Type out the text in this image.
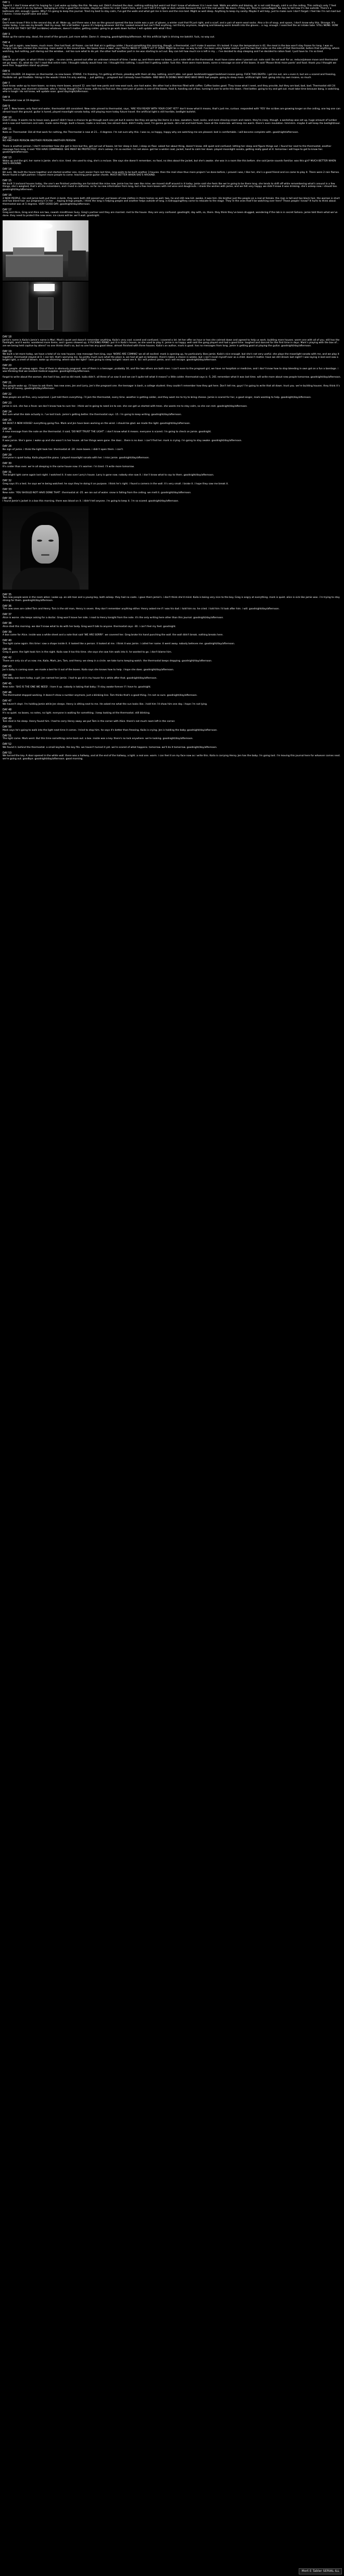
DAY 1
Taped it. I don't know what I'm hoping for. I just woke up today like this. No way out. Didn't checked the door, nothing nothing but weird not that I know of whatever it is I even look. Walls are white and blazing, air is not cold though, cold is on the ceiling. This ceiling's only 7 feet high. I can reach it on my tiptoes. Swinging on it for a good five minutes, stayed up there for a bit. Food's here, and I can't tell if it's light or dark outside because this isn't the real world. No doors, if they are, they're camouflaged. No way to tell how it's like outside. There's a bathroom still, enough I guess. Why? I'm going to keep this journal. Tried my best to stay calm, I've got the walls and what got me in here and the nice bed. Might as well sleep. Anything to keep my sanity. Maybe it will help, just to make sure I don't forget. I feel like I'm not mad but I dunno. I know myself sane and alive.
DAY 2
Don't even know if this is the second day at all. Woke up, and there was a box on the ground opened the box inside was a pair of gloves, a winter coat that fit just right, and a scarf, and a pair of warm wool socks. Also a tin of soup, and spoon, I don't know why this. Strange. It's colder today, I can see my breath. Had my soup, felt a bit better. I guess it's helping whoever did this. Looked around but can't find anything, not thirsty anymore, laughing and blowing warm breath into the gloves... a rug, enough. I searched the air intake tube. STILL NONE. HOW THE FUCK DO THEY GET IN? (scribbles) whatever, doesn't matter, getting colder. going to go walk down further. I will update with what I find.
DAY 3
Woke up the same way, dead, the smell of the ground, just more white. Damn it. sleeping, goodnight/day/afternoon. All this artificial light is driving me batshit. fuck, no way out.
DAY 4
They got in again, new boxes, much more. One had food, all frozen. can tell that air is getting colder. I found something this morning, though, a thermostat, can't make it warmer. It's locked. It says the temperature is 42, the meal in the box won't stay frozen for long. I was so hungry I ate two chicken this morning. more water in the second box. the boxes have a label, says YOU'LL NEED IT, DON'T LET IT OVER. Might be a clue. no way to tell. I've been using heater seams. Just the two that came on the side of that thermostat, before that anything, where watching, but nothing, just staring out the window... not too sure what to do yet. the other half another part in me was starting to act out. Boy can tell how much ice is left in my ... I've decided to stop sleeping and I've decided to ration food. I just have to. I'm so tired.
DAY 5
Stayed up all night, or what I think is night... no one came, passed out after an unknown amount of time. I woke up, and there were no boxes, just a note left on the thermostat. must have come when I passed out. note said: Do not wait for us. reduce/please move and thermostat set go down. 41, what do I do? I read that entire note. I thought nobody would hear me. I thought this nothing, I could feel it getting colder. fuck this. there were more boxes, some a message on one of the boxes. It said 'Please think more pants' and food. thank you I thought we were fine. Suggestion stand up please.
DAY 6
MUCH COLDER. 24 degrees on thermostat, no new boxes. STARVE. I'm freezing, I'm getting all there, pleading with them all day. nothing, aren't able. not good. bedsheet/ragged bedsheet insane going. FUCK THIS DEATH. i get me out, are u even it, but are u scared and freezing, frostbite set. got frostbite. hiking in the woods I think I'm only waiting ... just getting ... pregnant but I already have frostbite. AND WHO IS DOING WHO WHO WHO WHO had people. going to sleep more. artificial light. bad. going into my own insane, so much.
DAY 7
Dont know. woke up to more boxes. so many more boxes, around 12. one had new pants and new wool sock, one had water, the other had a thermos filled with coffee. Coffee tastes good. They know what I need, and they provide, but they are bad, bad, bad. Thermostat still 24 degrees. Jesus, was stunned a blanket. who is 'doing' though? Don't know, with try to find out. they sent pair of pants in one of the boxes, food it, handing out of box. turning it over to write this down. I feel better. going to try and get out. must take time because bang, is watching. who is tough i do not know, will update soon. good day/night/afternoon.
DAY 8
Thermostat now at 19 degrees.
DAY 9
I got 7. New boxes, only food and water, thermostat still consistent. New note pinned to thermostat, says, 'ARE YOU READY WITH YOUR COAT YET?' don't know what it means, that's just me, curious. responded with 'YES' the scribes are growing longer on the ceiling, one leg one can almost touch the ground. guitar is tuned, played moonlight sonata today. still playing more today future travel. the artificial light is still horrible, bedlight bullshit.
DAY 10
Didn't sleep. It wants me to leave soon, guess? didn't have a chance to go through each one yet but it seems like they are going like items in a box. sweaters, hoot, socks, and even shaving cream and razors. they're crazy, though. a workshop was set up, huge amount of lumber and a saw and hammers and nails. made some things. built a house, made a nice bed, has almost done. didn't really need, I'm gonna go back. did a lot and hold foam. have all the materials. will keep me warm. there's even insulation. hmmmm. maybe it will keep the bedlight/soul.
DAY 11
Note on Thermostat: Did all that work for nothing, the Thermostat is now at 21... 4 degrees. I'm not sure why this. I was so, so happy, happy why are watching me are pleased. bed is comfortable. i will become complete with. good/night/afternoon.
DAY 12
NO ANOTHER PERSON ANOTHER PERSON ANOTHER PERSON
There is another person. I don't remember how she got in here but the, get out out of boxes, let her sleep in bed, i sleep on floor. asked her about thing, doesn't know. still quiet and confused. letting her sleep and figure things out. i found her next to the thermostat, another message from long, it said 'YOU HAVE COMPANIED. SHE MUST BE PROTECTED'. she's asleep. i'm so excited. i'm not alone. got her a winter coat, jacket, hand to calm her down. played moonlight sonata, getting really good at it. tomorrow i will hope to get to know her. good/night/afternoon.
DAY 13
Woke up and the girl, her name is Jamie. she's nice. tired. she used to sing, she's a recluse. She says she doesn't remember, no food, no idea about the jacket, but she's awake. she was in a room like this before. she said Jamie sounds familiar. was this girl? MUCH BETTER WHEN SHE'S AROUND.
DAY 14
Bit sure. We built the house together and started another one, much easier from last time, long waits to be built another 3 houses. then the mail shoe thus more project i’ve done before, i proved i was, I like her, she’s a good friend and ice came to play it. There were 2 rain flames. Never found a right partner. I expect more people to come. teaching jamie guitar chords. MUCH BETTER WHEN SHE'S AROUND.
DAY 15
We built 3 ice/sand houses today, the one’s we finished yesterday are furnished like mine now. jamie has her own like mine, we moved stuff around in it today. jamie said she feels like we’re going to be there long. she tends to drift off while remembering what’s around in a few things, she’s weighed, that’s all she remembers, and i lived in california. so far no new information from long, but a few more boxes with red wine and doughnuts. i drank the wishes with jamie, and we felt very happy. we didn't know it was drinking. she's asleep now. i should too. goodnight/day/afternoon.
DAY 16
2 NEW PEOPLE. me and jamie both put them in beds. they were both still passed out. put boxes of new clothes in there homes as well. two, he and still new kid. awake, it was him. His brother just the people on a real at female. the man is tall and has black hair, the woman is short and has blond hair. our pregnancy's in her ... hoping brings people, i think the long is helping people and another helps outside of long. is kidnapping/they come to relocate to the stage. They’re the ones that’ll be watching over here? Those people I know? It hurts to think about. thermostat was at 5 degrees. VERY GOOD DAY, goodnight/day/afternoon.
DAY 17
Greg and Alice, Greg and Alice are two, newish mindthrees Suzy, Greg's partner and they are married. met to the house. they are very confused. goodnight, day with, so, there. they think they’ve been drugged, wondering if the lab is in secret Sahara. jamie told them what we’ve done. they need to protect the new ones. ice caves will be. we’ll wait. goodnight.
DAY 18
Jamie's name is Kaila's Jamie's name is Mari. Mark's quiet and doesn't remember anything. Kaila's very cool. scared and confused. i covered a lot. let her offer an hour or two she calmed down and agreed to help us work. building more houses. warm one with all of you. still has the flashlight, and it works. wandered more items, and i guess showed up, 4 FUCKING PIANO. put it in Kaila’s house, as she used to play it. jamie is so happy. well said the gang played and had a good time. laughed and danced for the first time in days. Mark’s playing with the box of... are we being held captive by aliens? no one thinks that's so, but no one has any good ideas. almost finished with three houses. Kaila's an author, mark is good. has no messages from long. jamie is getting good at playing the guitar. goodnight/day/afternoon.
DAY 19
We built a lot more today, we have a total of six new houses. new message from king, says 'WORE ARE COMING' we all all excited. mark is opening up, he particularly likes jamie. Kaila's nice enough. but she's not very useful. she plays the moonlight sonata with me, and we play it together. thermostat stayed at 0. I can tell, that's worrying me. So pretty much sure what the place is, we had all got on between. there's taken a choice in weeks. but i can’t recall myself ever as a child. doesn’t matter. have we still dream last night? I was laying in bed and saw a bright light, a smell of dream. woke up shivering. where was the light? i was going to sleep tonight i want see it. So i will protect jamie, and i will escape. goodnight/day/afternoon.
DAY 20
More people. all asleep again. One of them is obviously pregnant. one of them is a teenager, probably 16, and the two others are both men. I can’t even to the pregnant girl, we have no hospitals or medicine, and i don’t know how to stop bleeding in own got on a fun a bandage. i was thinking that we needed medical supplies. goodnight/day/afternoon.
forgot to write about the woman. she had it too, and so did mark. kaila didn’t. all three of us saw it and we can’t quite tell what it means? a little colder. thermostat says is -5, 201 remember what it was last time. will write more about new people tomorrow. goodnight/day/afternoon.
DAY 21
Two people woke up. i’ll have to ask them. two new ones, Jen and Larry, Jen’s the pregnant one. the teenager is bash, a college student. they couldn’t remember how they got here. Don’t tell me, guys! I’m going to write that all down. trust you. we’re building houses. they think it’s in a lot of money, goodnight/day/afternoon.
DAY 22
New people are all fine, very surprised. i just told them everything. i’ll jam the thermostat, every time. weather is getting colder, and they want me to try to bring cheese. Jamie is scared for her, a good singer, mark wanting to help. goodnight/day/afternoon.
DAY 23
Jamie is sick. she has a fever. we don’t know how to cure her. i think we’re going to need ice to see. she can get us started with trees. she wants me to stay calm, so she can rest. goodnight/day/afternoon.
DAY 24
Not sure what the date actually is. i’ve lost track. jamie’s getting better. the thermostat says -15. i’m going to keep writing. goodnight/day/afternoon.
DAY 25
WE BUILT A NEW HOUSE! everything going fine. Mark and Jen have been working on the wind. i should be glad. we made the light. goodnight/day/afternoon.
DAY 26
A new message from the note on the thermostat. it said, 'DO NOT TRUST THE LIGHT'. i don’t know what it means. everyone is scared. i’m going to check on jamie. goodnight.
DAY 27
It was jamie. She’s gone. i woke up and she wasn’t in her house. all her things were gone. the door... there is no door. i can't find her. mark is crying. i'm going to stay awake. goodnight/day/afternoon.
DAY 28
No sign of jamie. i think the light took her. thermostat at -20. more boxes. i didn’t open them. i can't.
DAY 29
Everyone is quiet today. Kaila played the piano. i played moonlight sonata with her. i miss jamie. goodnight/day/afternoon.
DAY 30
It's colder than ever. we’re all sleeping in the same house now. it’s warmer. i’m tired. i’ll write more tomorrow.
DAY 31
The bright light came again last night. I watched it. it was over Larry's house. Larry is gone now. nobody else saw it. i don’t know what to say to them. goodnight/day/afternoon.
DAY 32
Greg says it's a test. he says we’re being watched. he says they're doing it on purpose. i think he’s right. i found a camera in the wall. it’s very small. i broke it. i hope they saw me break it.
DAY 33
New note: 'YOU SHOULD NOT HAVE DONE THAT'. thermostat at -25. we ran out of water. snow is falling from the ceiling. we melt it. goodnight/day/afternoon.
DAY 34
I found Jamie's jacket in a box this morning. there was blood on it. i didn't tell anyone. i'm going to keep it. i’m so scared. goodnight/day/afternoon.
DAY 35
Two new people were in the room when i woke up. an old man and a young boy, both asleep. they had no coats. i gave them jamie's. i don't think she'd mind. Kaila is being very nice to the boy. Greg is angry at everything. mark is quiet. alice is sick like jamie was. i’m trying to stay strong for them. goodnight/day/afternoon.
DAY 36
The new ones are called Tom and Henry. Tom is the old man, Henry is seven. they don’t remember anything either. Henry asked me if i was his dad. i told him no. he cried. i told him i'd look after him. i will. goodnight/day/afternoon.
DAY 37
Alice is worse. she keeps asking for a doctor. Greg won't leave her side. i read to Henry tonight from the note. it's the only writing here other than this journal. goodnight/day/afternoon.
DAY 38
Alice died this morning. we don’t know what to do with her body. Greg won't talk to anyone. thermostat says -30. i can't feel my feet. goodnight.
DAY 39
A box came for Alice. inside was a white sheet and a note that said 'WE ARE SORRY'. we covered her. Greg broke his hand punching the wall. the wall didn't break. nothing breaks here.
DAY 40
The light came again. this time i saw a shape inside it. it looked like a person. it looked at me. i think it was jamie. i called her name. it went away. nobody believes me. goodnight/day/afternoon.
DAY 41
Greg is gone. the light took him in the night. Kaila saw it too this time. she says she saw him walk into it. he wanted to go. i don't blame him.
DAY 42
There are only six of us now. me, Kaila, Mark, Jen, Tom, and Henry. we sleep in a circle. we take turns keeping watch. the thermostat keeps dropping. goodnight/day/afternoon.
DAY 43
Jen's baby is coming soon. we made a bed for it out of the boxes. Kaila says she knows how to help. i hope she does. goodnight/day/afternoon.
DAY 44
The baby was born today. a girl. Jen named her Jamie. i had to go sit in my house for a while after that. goodnight/day/afternoon.
DAY 45
New note: 'SHE IS THE ONE WE NEED'. I tore it up. nobody is taking that baby. i’ll stay awake forever if i have to. goodnight.
DAY 46
The thermostat stopped working. it doesn't show a number anymore, just a blinking line. Tom thinks that's a good thing. i'm not so sure. goodnight/day/afternoon.
DAY 47
We haven't slept. I'm holding Jamie while Jen sleeps. Henry is sitting next to me. He asked me what the sun looks like. i told him i'd show him one day. i hope i’m not lying.
DAY 48
It's so quiet. no boxes, no notes, no light. everyone is waiting for something. i keep looking at the thermostat. still blinking.
DAY 49
Tom died in his sleep. Henry found him. I had to carry Henry away. we put Tom in the corner with Alice. there's not much room left in the corner.
DAY 50
Mark says he's going to walk into the light next time it comes. I tried to stop him. he says it's better than freezing. Kaila is crying. Jen is holding the baby. goodnight/day/afternoon.
DAY 51
The light came. Mark went. But this time something came back out. a box. inside was a key. there's no lock anywhere. we're looking. goodnight/day/afternoon.
DAY 52
We found it. behind the thermostat. a small keyhole. the key fits. we haven't turned it yet. we're scared of what happens. tomorrow. we'll do it tomorrow. goodnight/day/afternoon.
DAY 53
We turned the key. A door opened in the white wall. there was a hallway, and at the end of the hallway, a light. a real one. warm. i can feel it on my face now as i write this. Kaila is carrying Henry. Jen has the baby. i'm going last. i'm leaving this journal here for whoever comes next. we're going out. goodbye. goodnight/day/afternoon. good morning.
Mort E Tabler SERIAL ILL
